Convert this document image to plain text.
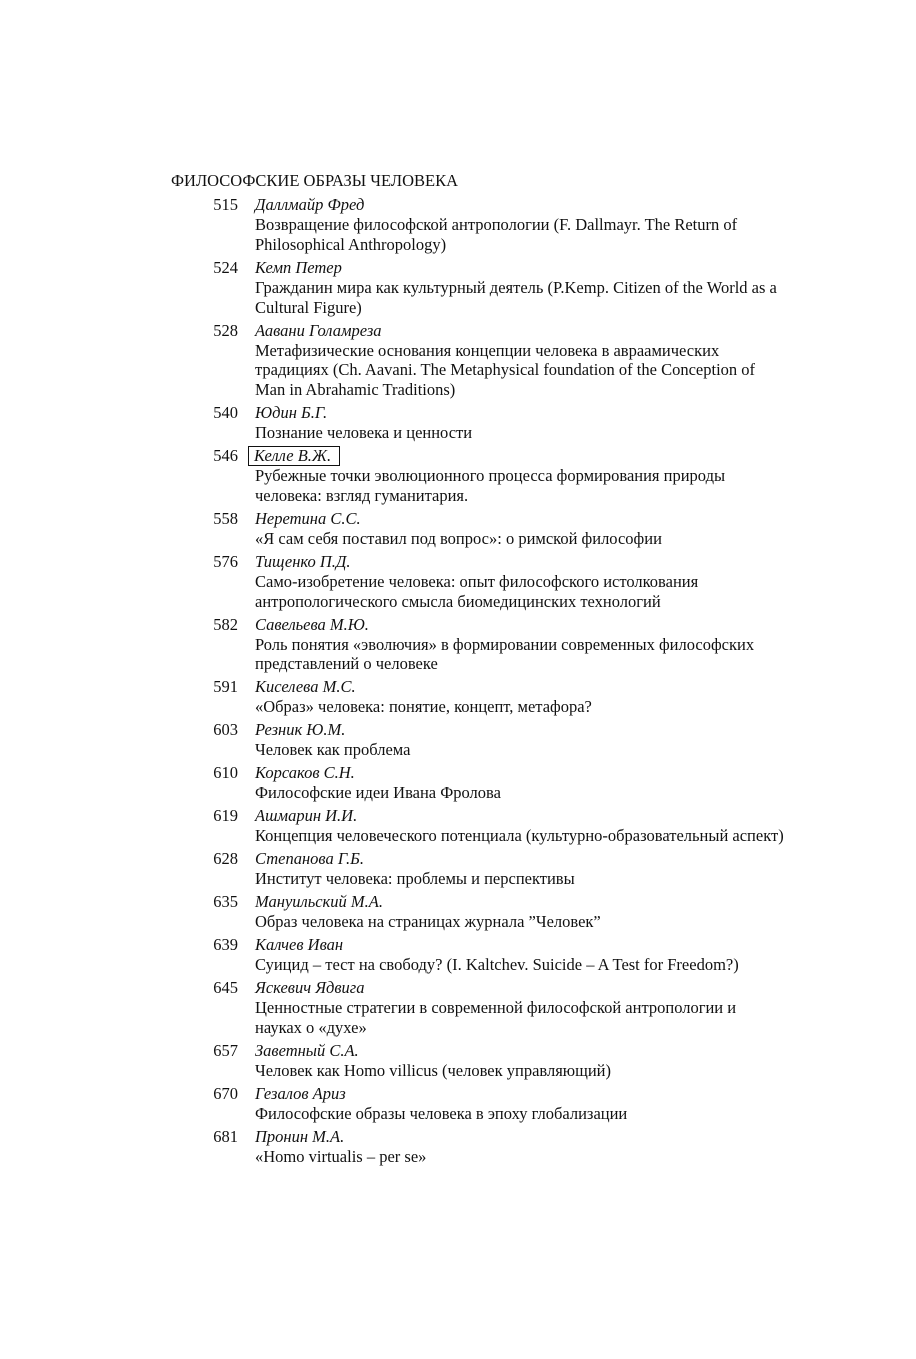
ФИЛОСОФСКИЕ ОБРАЗЫ ЧЕЛОВЕКА
515 Даллмайр Фред
Возвращение философской антропологии (F. Dallmayr. The Return of Philosophical Anthropology)
524 Кемп Петер
Гражданин мира как культурный деятель (P.Kemp. Citizen of the World as a Cultural Figure)
528 Аавани Голамреза
Метафизические основания концепции человека в авраамических традициях (Ch. Aavani. The Metaphysical foundation of the Conception of Man in Abrahamic Traditions)
540 Юдин Б.Г.
Познание человека и ценности
546 Келле В.Ж.
Рубежные точки эволюционного процесса формирования природы человека: взгляд гуманитария.
558 Неретина С.С.
«Я сам себя поставил под вопрос»: о римской философии
576 Тищенко П.Д.
Само-изобретение человека: опыт философского истолкования антропологического смысла биомедицинских технологий
582 Савельева М.Ю.
Роль понятия «эволючия» в формировании современных философских представлений о человеке
591 Киселева М.С.
«Образ» человека: понятие, концепт, метафора?
603 Резник Ю.М.
Человек как проблема
610 Корсаков С.Н.
Философские идеи Ивана Фролова
619 Ашмарин И.И.
Концепция человеческого потенциала (культурно-образовательный аспект)
628 Степанова Г.Б.
Институт человека: проблемы и перспективы
635 Мануильский М.А.
Образ человека на страницах журнала ”Человек”
639 Калчев Иван
Суицид – тест на свободу? (I. Kaltchev. Suicide – A Test for Freedom?)
645 Яскевич Ядвига
Ценностные стратегии в современной философской антропологии и науках о «духе»
657 Заветный С.А.
Человек как Homo villicus (человек управляющий)
670 Гезалов Ариз
Философские образы человека в эпоху глобализации
681 Пронин М.А.
«Homo virtualis – per se»
